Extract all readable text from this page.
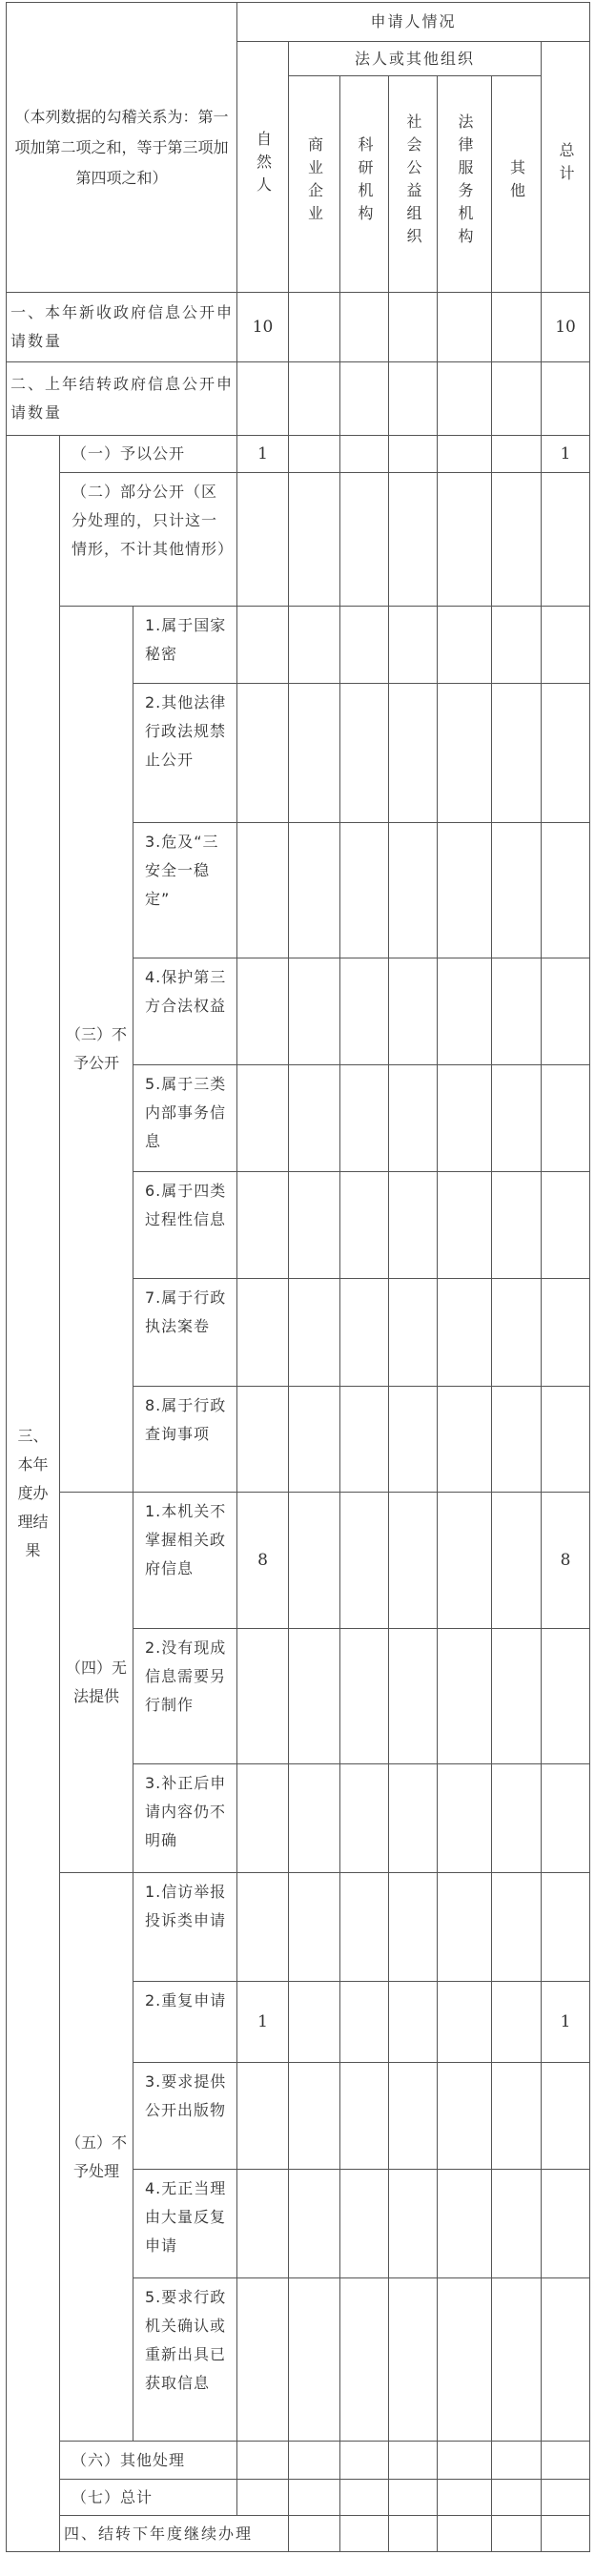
（本列数据的勾稽关系为：第一项加第二项之和，等于第三项加第四项之和）			申请人情况							
			自然人	法人或其他组织					总计	
				商业企业	科研机构	社会公益组织	法律服务机构	其他		
一、本年新收政府信息公开申请数量			10						10	
二、上年结转政府信息公开申请数量										
三、本年度办理结果	（一）予以公开		1						1	
	（二）部分公开（区分处理的，只计这一情形，不计其他情形）									
	（三）不予公开	1.属于国家秘密								
		2.其他法律行政法规禁止公开								
		3.危及“三安全一稳定”								
		4.保护第三方合法权益								
		5.属于三类内部事务信息								
		6.属于四类过程性信息								
		7.属于行政执法案卷								
		8.属于行政查询事项								
	（四）无法提供	1.本机关不掌握相关政府信息	8						8	
		2.没有现成信息需要另行制作								
		3.补正后申请内容仍不明确								
	（五）不予处理	1.信访举报投诉类申请								
		2.重复申请	1						1	
		3.要求提供公开出版物								
		4.无正当理由大量反复申请								
		5.要求行政机关确认或重新出具已获取信息								
	（六）其他处理									
	（七）总计									
	四、结转下年度继续办理									
